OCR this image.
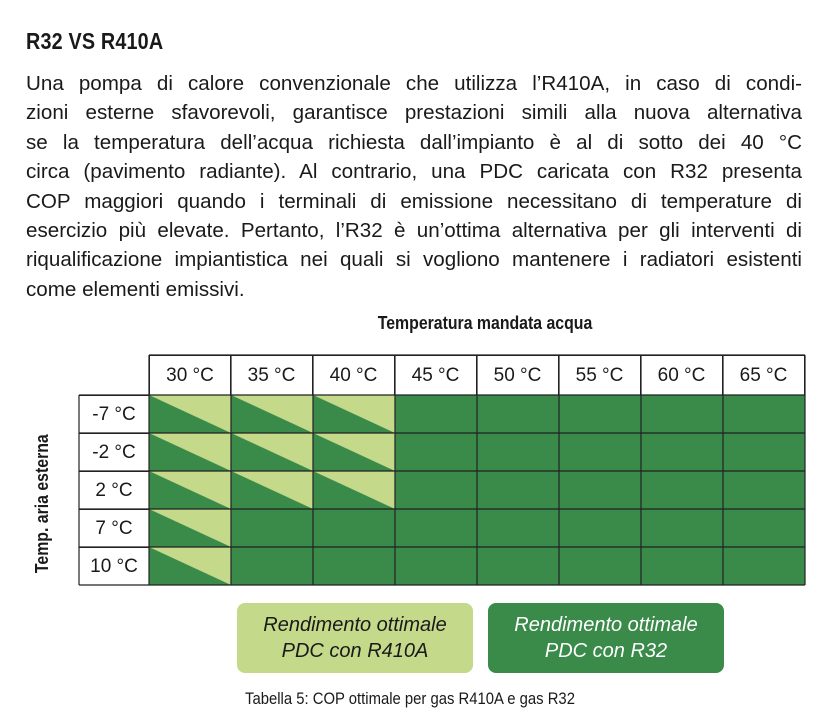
R32 VS R410A
Una pompa di calore convenzionale che utilizza l’R410A, in caso di condi-
zioni esterne sfavorevoli, garantisce prestazioni simili alla nuova alternativa
se la temperatura dell’acqua richiesta dall’impianto è al di sotto dei 40 °C
circa (pavimento radiante). Al contrario, una PDC caricata con R32 presenta
COP maggiori quando i terminali di emissione necessitano di temperature di
esercizio più elevate. Pertanto, l’R32 è un’ottima alternativa per gli interventi di
riqualificazione impiantistica nei quali si vogliono mantenere i radiatori esistenti
come elementi emissivi.
Temperatura mandata acqua
Temp. aria esterna
30 °C	35 °C	40 °C	45 °C	50 °C	55 °C	60 °C	65 °C
-7 °C
-2 °C
2 °C
7 °C
10 °C
Rendimento ottimale
PDC con R410A
Rendimento ottimale
PDC con R32
Tabella 5: COP ottimale per gas R410A e gas R32
